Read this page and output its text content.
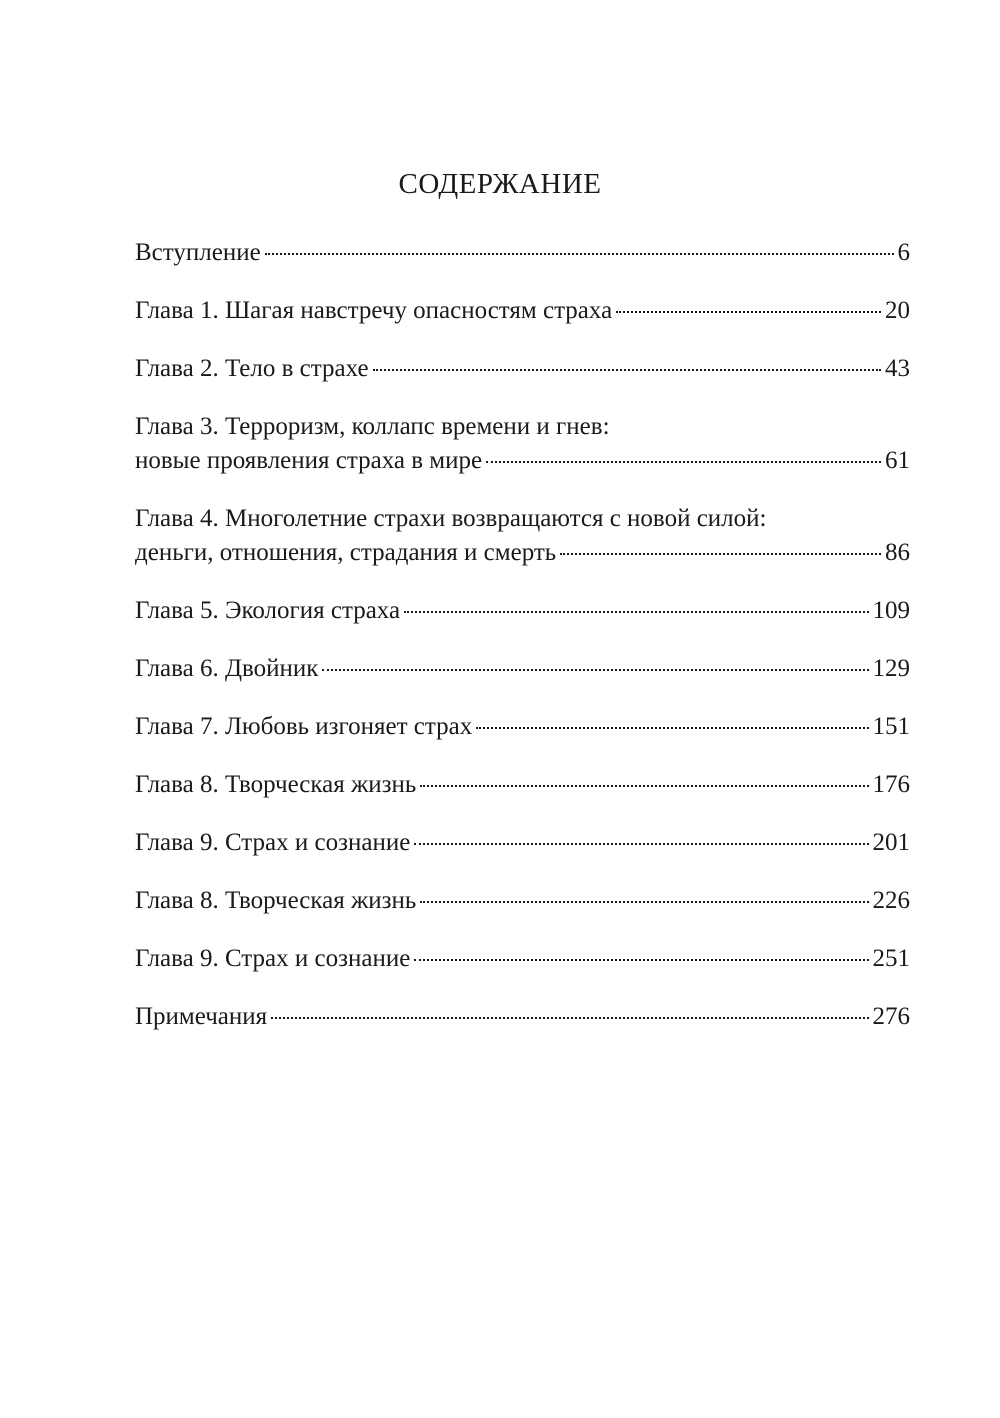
СОДЕРЖАНИЕ
Вступление	6
Глава 1. Шагая навстречу опасностям страха	20
Глава 2. Тело в страхе	43
Глава 3. Терроризм, коллапс времени и гнев:
новые проявления страха в мире	61
Глава 4. Многолетние страхи возвращаются с новой силой:
деньги, отношения, страдания и смерть	86
Глава 5. Экология страха	109
Глава 6. Двойник	129
Глава 7. Любовь изгоняет страх	151
Глава 8. Творческая жизнь	176
Глава 9. Страх и сознание	201
Глава 8. Творческая жизнь	226
Глава 9. Страх и сознание	251
Примечания	276
